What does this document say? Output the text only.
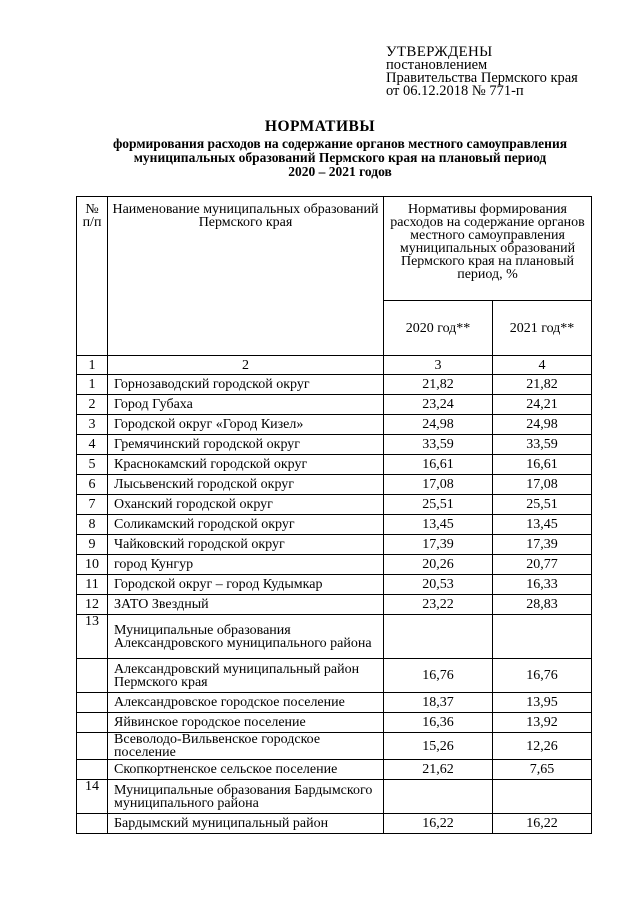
УТВЕРЖДЕНЫ
постановлением
Правительства Пермского края
от 06.12.2018 № 771-п
НОРМАТИВЫ
формирования расходов на содержание органов местного самоуправления
муниципальных образований Пермского края на плановый период
2020 – 2021 годов
№ п/п	Наименование муниципальных образований Пермского края	Нормативы формирования расходов на содержание органов местного самоуправления муниципальных образований Пермского края на плановый период, %	
		2020 год**	2021 год**
1	2	3	4
1	Горнозаводский городской округ	21,82	21,82
2	Город Губаха	23,24	24,21
3	Городской округ «Город Кизел»	24,98	24,98
4	Гремячинский городской округ	33,59	33,59
5	Краснокамский городской округ	16,61	16,61
6	Лысьвенский городской округ	17,08	17,08
7	Оханский городской округ	25,51	25,51
8	Соликамский городской округ	13,45	13,45
9	Чайковский городской округ	17,39	17,39
10	город Кунгур	20,26	20,77
11	Городской округ – город Кудымкар	20,53	16,33
12	ЗАТО Звездный	23,22	28,83
13	Муниципальные образования Александровского муниципального района		
	Александровский муниципальный район Пермского края	16,76	16,76
	Александровское городское поселение	18,37	13,95
	Яйвинское городское поселение	16,36	13,92
	Всеволодо-Вильвенское городское поселение	15,26	12,26
	Скопкортненское сельское поселение	21,62	7,65
14	Муниципальные образования Бардымского муниципального района		
	Бардымский муниципальный район	16,22	16,22
